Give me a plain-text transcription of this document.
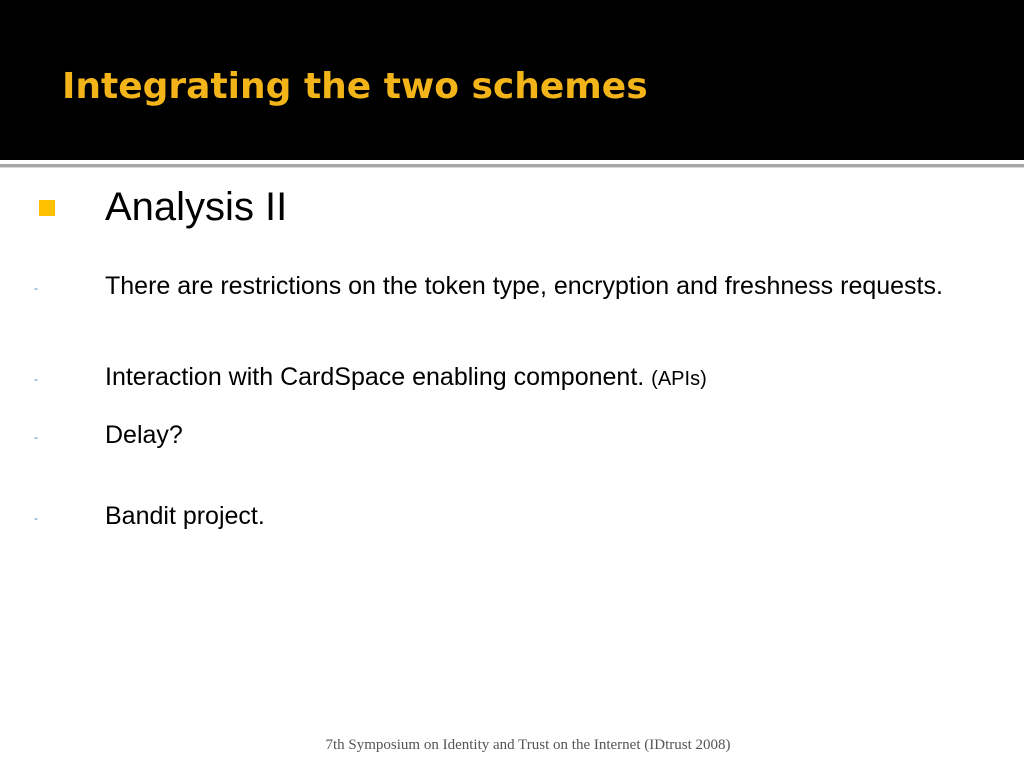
Integrating the two schemes
Analysis II
-	There are restrictions on the token type, encryption and freshness requests.
-	Interaction with CardSpace enabling component. (APIs)
-	Delay?
-	Bandit project.
7th Symposium on Identity and Trust on the Internet (IDtrust 2008)
